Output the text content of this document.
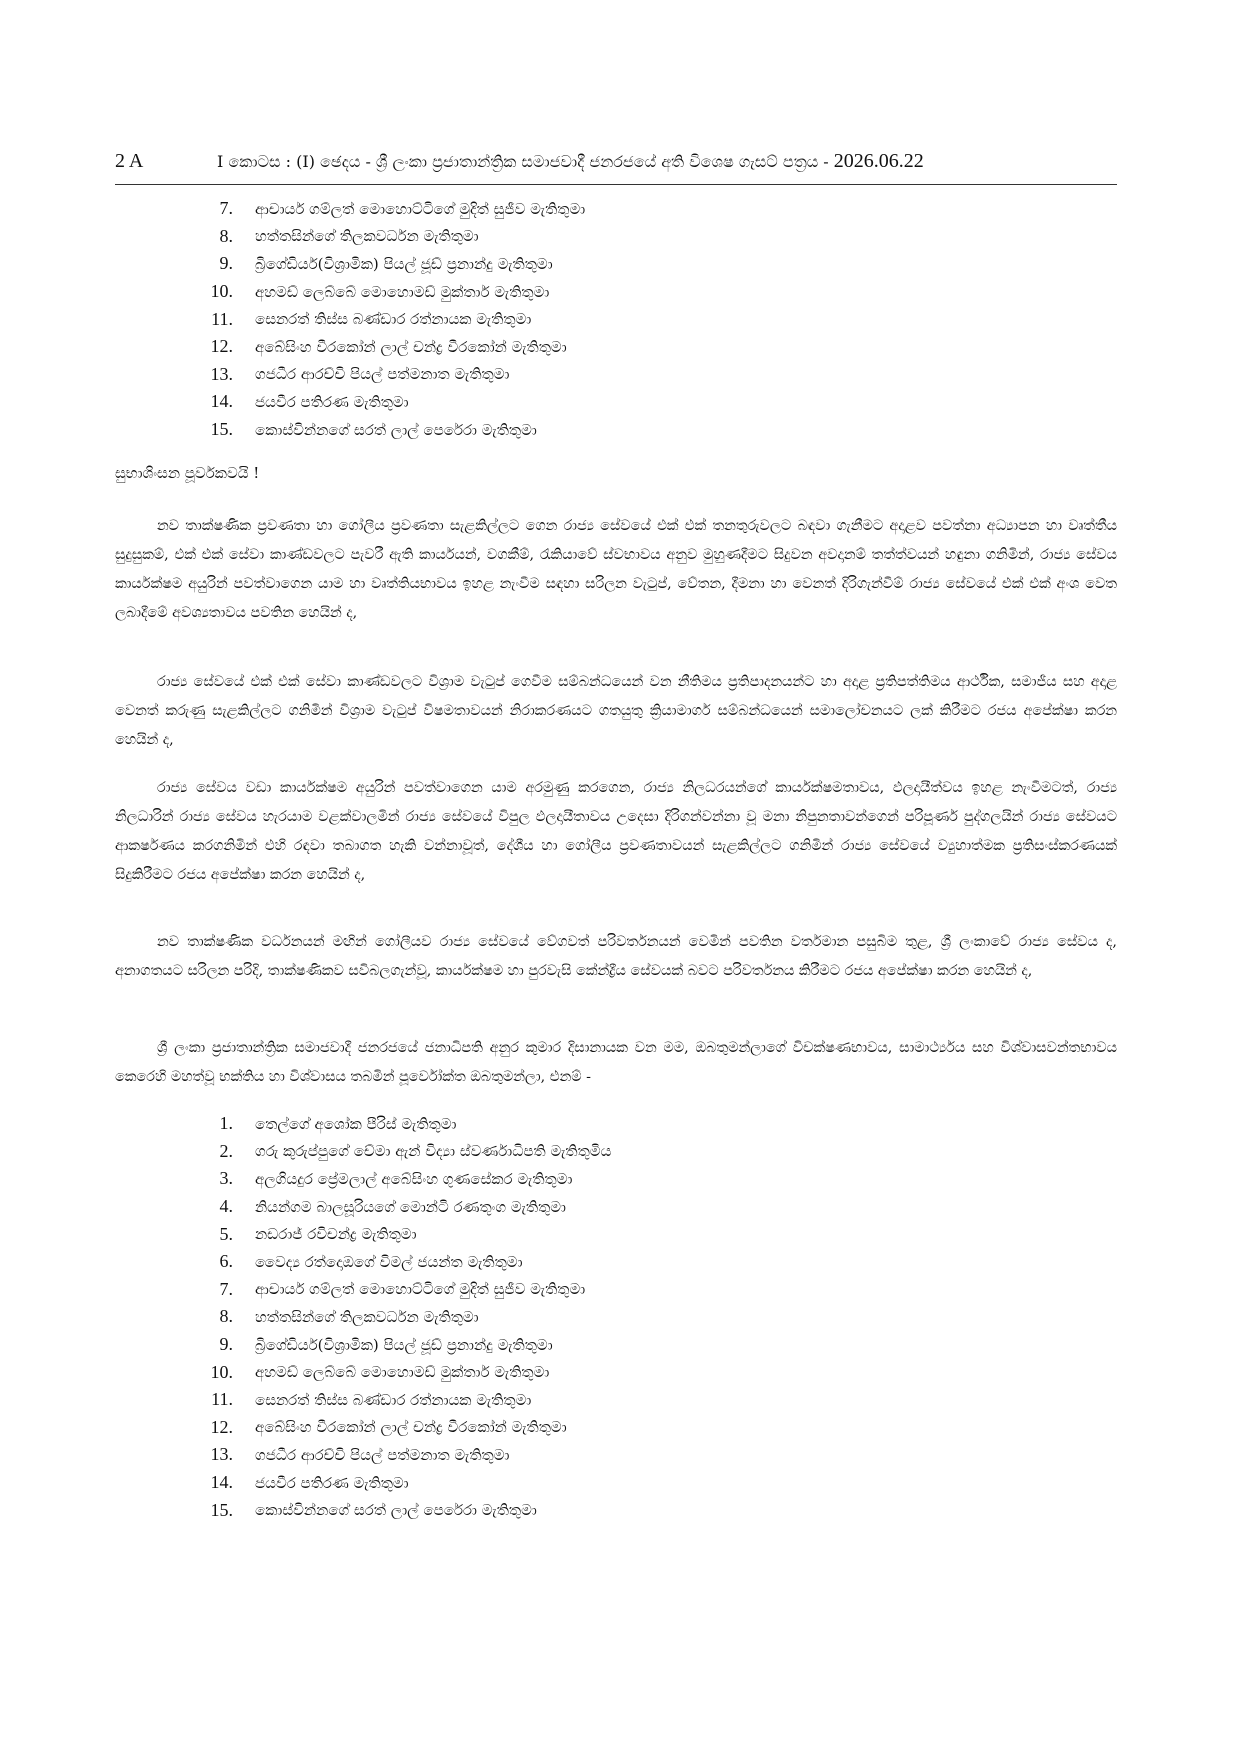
2 A	I කොටස : (I) ඡෙදය - ශ්‍රී ලංකා ප්‍රජාතාන්ත්‍රික සමාජවාදී ජනරජයේ අති විශෙෂ ගැසට් පත්‍රය - 2026.06.22
7.	ආචාර්ය ගම්ලත් මොහොට්ටිගේ මුදිත් සුජීව මැතිතුමා
8.	හත්තසින්ගේ තිලකවර්ධන මැතිතුමා
9.	බ්‍රිගේඩියර්(විශ්‍රාමික) පියල් ජූඩ් ප්‍රනාන්දු මැතිතුමා
10.	අහමඩ් ලෙබ්බේ මොහොමඩ් මුක්තාර් මැතිතුමා
11.	සෙනරත් තිස්ස බණ්ඩාර රත්නායක මැතිතුමා
12.	අබේසිංහ වීරකෝන් ලාල් චන්ද්‍ර වීරකෝන් මැතිතුමා
13.	ගජධීර ආරච්චි පියල් පත්මනාත මැතිතුමා
14.	ජයවීර පතිරණ මැතිතුමා
15.	කොස්වින්නගේ සරත් ලාල් පෙරේරා මැතිතුමා

සුභාශිංසන පූර්වකවයි !

නව තාක්ෂණික ප්‍රවණතා හා ගෝලීය ප්‍රවණතා සැළකිල්ලට ගෙන රාජ්‍ය සේවයේ එක් එක් තනතුරුවලට බඳවා ගැනීමට අදාළව පවත්නා අධ්‍යාපන හා වෘත්තීය සුදුසුකම්, එක් එක් සේවා කාණ්ඩවලට පැවරී ඇති කාර්යයන්, වගකීම්, රැකියාවේ ස්වභාවය අනුව මුහුණදීමට සිදුවන අවදානම් තත්ත්වයන් හඳුනා ගනිමින්, රාජ්‍ය සේවය කාර්යක්ෂම අයුරින් පවත්වාගෙන යාම හා වෘත්තියභාවය ඉහළ නැංවීම සඳහා සරිලන වැටුප්, වේතන, දීමනා හා වෙනත් දිරිගැන්වීම් රාජ්‍ය සේවයේ එක් එක් අංශ වෙත ලබාදීමේ අවශ්‍යතාවය පවතින හෙයින් ද,

රාජ්‍ය සේවයේ එක් එක් සේවා කාණ්ඩවලට විශ්‍රාම වැටුප් ගෙවීම සම්බන්ධයෙන් වන නීතිමය ප්‍රතිපාදනයන්ට හා අදාළ ප්‍රතිපත්තිමය ආර්ථික, සමාජීය සහ අදාළ වෙනත් කරුණු සැළකිල්ලට ගනිමින් විශ්‍රාම වැටුප් විෂමතාවයන් නිරාකරණයට ගතයුතු ක්‍රියාමාර්ග සම්බන්ධයෙන් සමාලෝචනයට ලක් කිරීමට රජය අපේක්ෂා කරන හෙයින් ද,

රාජ්‍ය සේවය වඩා කාර්යක්ෂම අයුරින් පවත්වාගෙන යාම අරමුණු කරගෙන, රාජ්‍ය නිලධරයන්ගේ කාර්යක්ෂමතාවය, ඵලදායීත්වය ඉහළ නැංවීමටත්, රාජ්‍ය නිලධාරින් රාජ්‍ය සේවය හැරයාම වළක්වාලමින් රාජ්‍ය සේවයේ විපුල ඵලදායීතාවය උදෙසා දිරිගන්වන්නා වූ මනා නිපුනතාවන්ගෙන් පරිපූර්ණ පුද්ගලයින් රාජ්‍ය සේවයට ආකර්ෂණය කරගනිමින් එහි රඳවා තබාගත හැකි වන්නාවූත්, දේශීය හා ගෝලීය ප්‍රවණතාවයන් සැළකිල්ලට ගනිමින් රාජ්‍ය සේවයේ ව්‍යුහාත්මක ප්‍රතිසංස්කරණයක් සිදුකිරීමට රජය අපේක්ෂා කරන හෙයින් ද,

නව තාක්ෂණික වර්ධනයන් මඟින් ගෝලීයව රාජ්‍ය සේවයේ වේගවත් පරිවර්තනයන් වෙමින් පවතින වර්තමාන පසුබිම තුළ, ශ්‍රී ලංකාවේ රාජ්‍ය සේවය ද, අනාගතයට සරිලන පරිදි, තාක්ෂණිකව සවිබලගැන්වූ, කාර්යක්ෂම හා පුරවැසි කේන්ද්‍රීය සේවයක් බවට පරිවර්තනය කිරීමට රජය අපේක්ෂා කරන හෙයින් ද,

ශ්‍රී ලංකා ප්‍රජාතාන්ත්‍රික සමාජවාදී ජනරජයේ ජනාධිපති අනුර කුමාර දිසානායක වන මම, ඔබතුමන්ලාගේ විචක්ෂණභාවය, සාමාර්ථ්‍යය සහ විශ්වාසවන්තභාවය කෙරෙහි මහත්වූ භක්තිය හා විශ්වාසය තබමින් පූර්වෝක්ත ඔබතුමන්ලා, එනම් -

1.	තෙල්ගේ අශෝක පීරිස් මැතිතුමා
2.	ගරු කුරුප්පුගේ චේමා ඇන් විද්‍යා ස්වර්ණාධිපති මැතිතුමිය
3.	අලගියදුර ප්‍රේමලාල් අබේසිංහ ගුණසේකර මැතිතුමා
4.	නියන්ගම බාලසූරියගේ මොන්ටි රණතුංග මැතිතුමා
5.	නඩරාජ් රවිචන්ද්‍ර මැතිතුමා
6.	වෛද්‍ය රත්දොඔගේ විමල් ජයන්ත මැතිතුමා
7.	ආචාර්ය ගම්ලත් මොහොට්ටිගේ මුදිත් සුජීව මැතිතුමා
8.	හත්තසින්ගේ තිලකවර්ධන මැතිතුමා
9.	බ්‍රිගේඩියර්(විශ්‍රාමික) පියල් ජූඩ් ප්‍රනාන්දු මැතිතුමා
10.	අහමඩ් ලෙබ්බේ මොහොමඩ් මුක්තාර් මැතිතුමා
11.	සෙනරත් තිස්ස බණ්ඩාර රත්නායක මැතිතුමා
12.	අබේසිංහ වීරකෝන් ලාල් චන්ද්‍ර වීරකෝන් මැතිතුමා
13.	ගජධීර ආරච්චි පියල් පත්මනාත මැතිතුමා
14.	ජයවීර පතිරණ මැතිතුමා
15.	කොස්වින්නගේ සරත් ලාල් පෙරේරා මැතිතුමා
